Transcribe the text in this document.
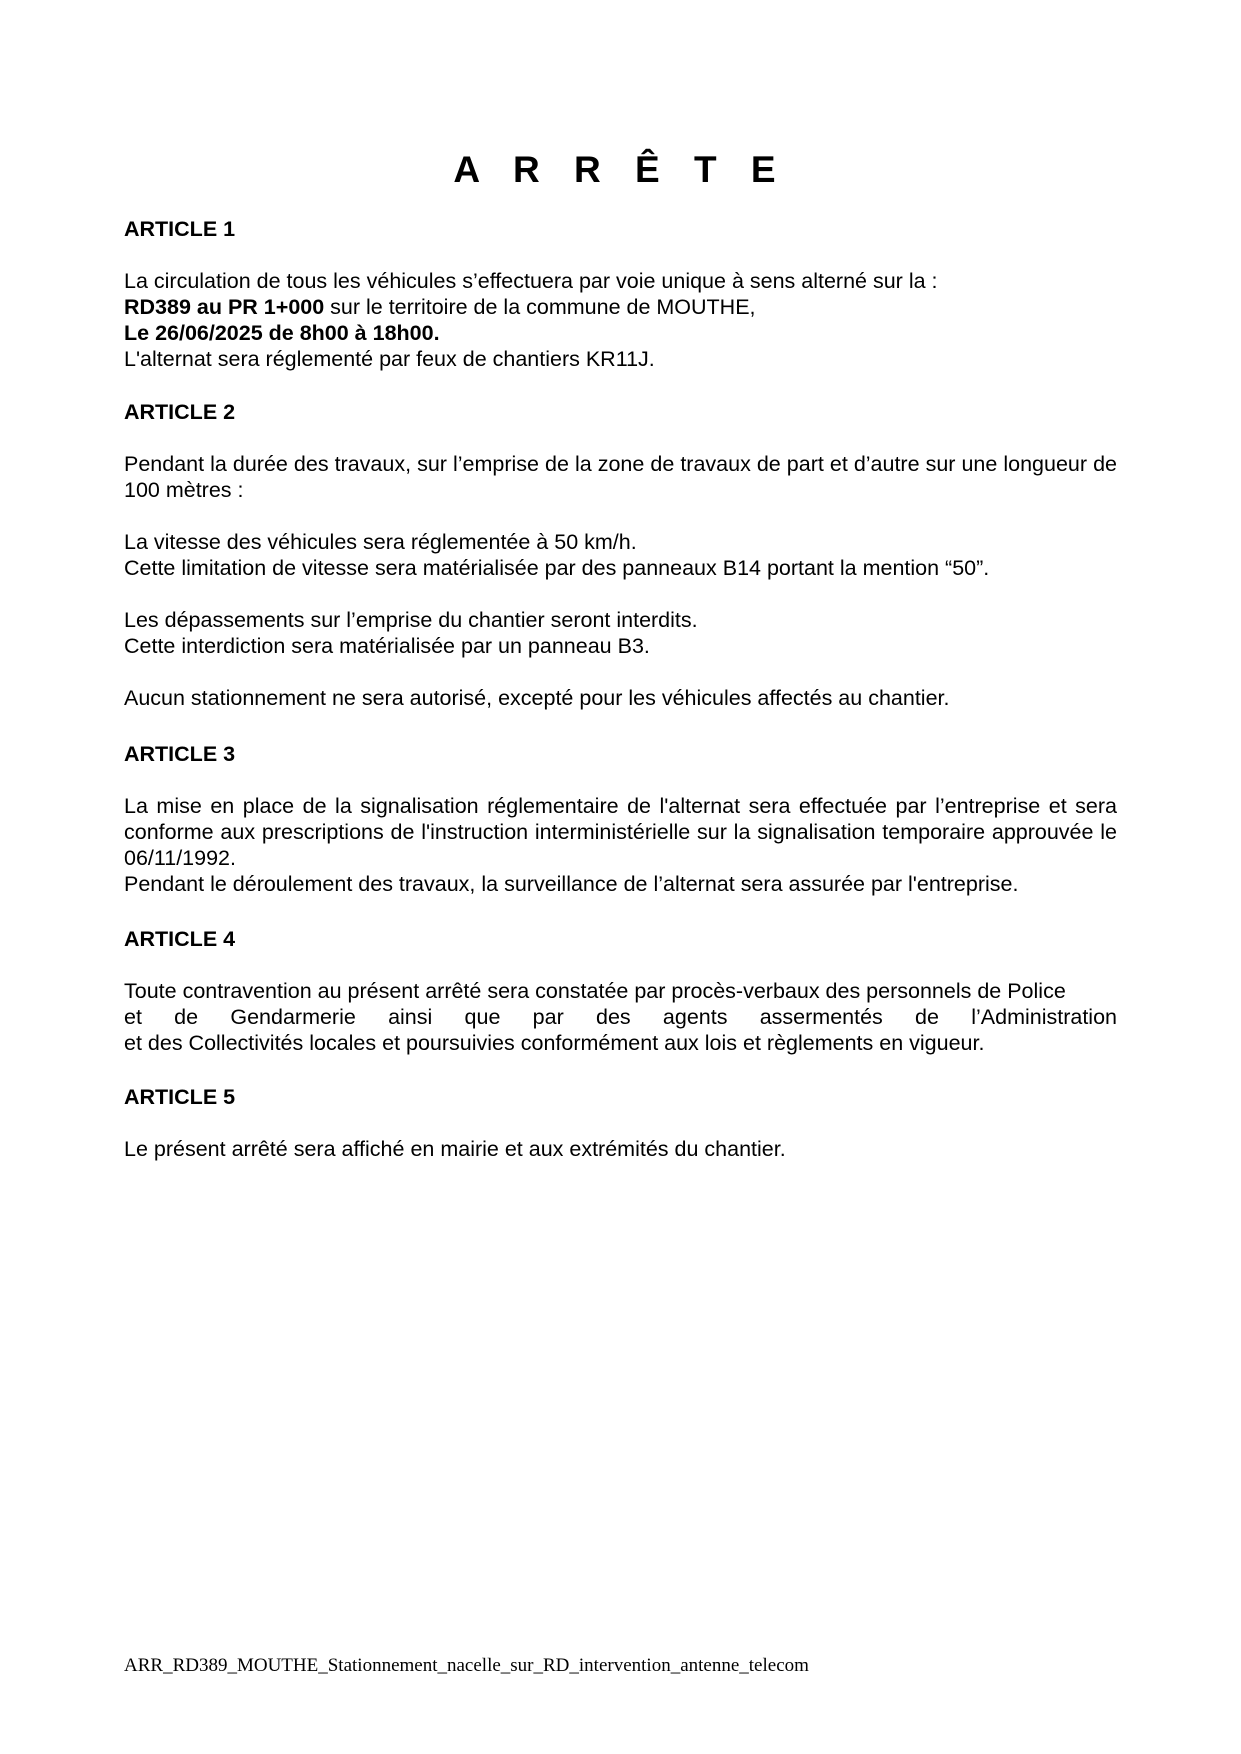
A R R Ê T E

ARTICLE 1

La circulation de tous les véhicules s’effectuera par voie unique à sens alterné sur la :

RD389 au PR 1+000 sur le territoire de la commune de MOUTHE,

Le 26/06/2025 de 8h00 à 18h00.

L'alternat sera réglementé par feux de chantiers KR11J.

ARTICLE 2

Pendant la durée des travaux, sur l’emprise de la zone de travaux de part et d’autre sur une longueur de 100 mètres :

La vitesse des véhicules sera réglementée à 50 km/h.

Cette limitation de vitesse sera matérialisée par des panneaux B14 portant la mention “50”.

Les dépassements sur l’emprise du chantier seront interdits.

Cette interdiction sera matérialisée par un panneau B3.

Aucun stationnement ne sera autorisé, excepté pour les véhicules affectés au chantier.

ARTICLE 3

La mise en place de la signalisation réglementaire de l'alternat sera effectuée par l’entreprise et sera conforme aux prescriptions de l'instruction interministérielle sur la signalisation temporaire approuvée le 06/11/1992.

Pendant le déroulement des travaux, la surveillance de l’alternat sera assurée par l'entreprise.

ARTICLE 4

Toute contravention au présent arrêté sera constatée par procès-verbaux des personnels de Police

et de Gendarmerie ainsi que par des agents assermentés de l’Administration

et des Collectivités locales et poursuivies conformément aux lois et règlements en vigueur.

ARTICLE 5

Le présent arrêté sera affiché en mairie et aux extrémités du chantier.

ARR_RD389_MOUTHE_Stationnement_nacelle_sur_RD_intervention_antenne_telecom
